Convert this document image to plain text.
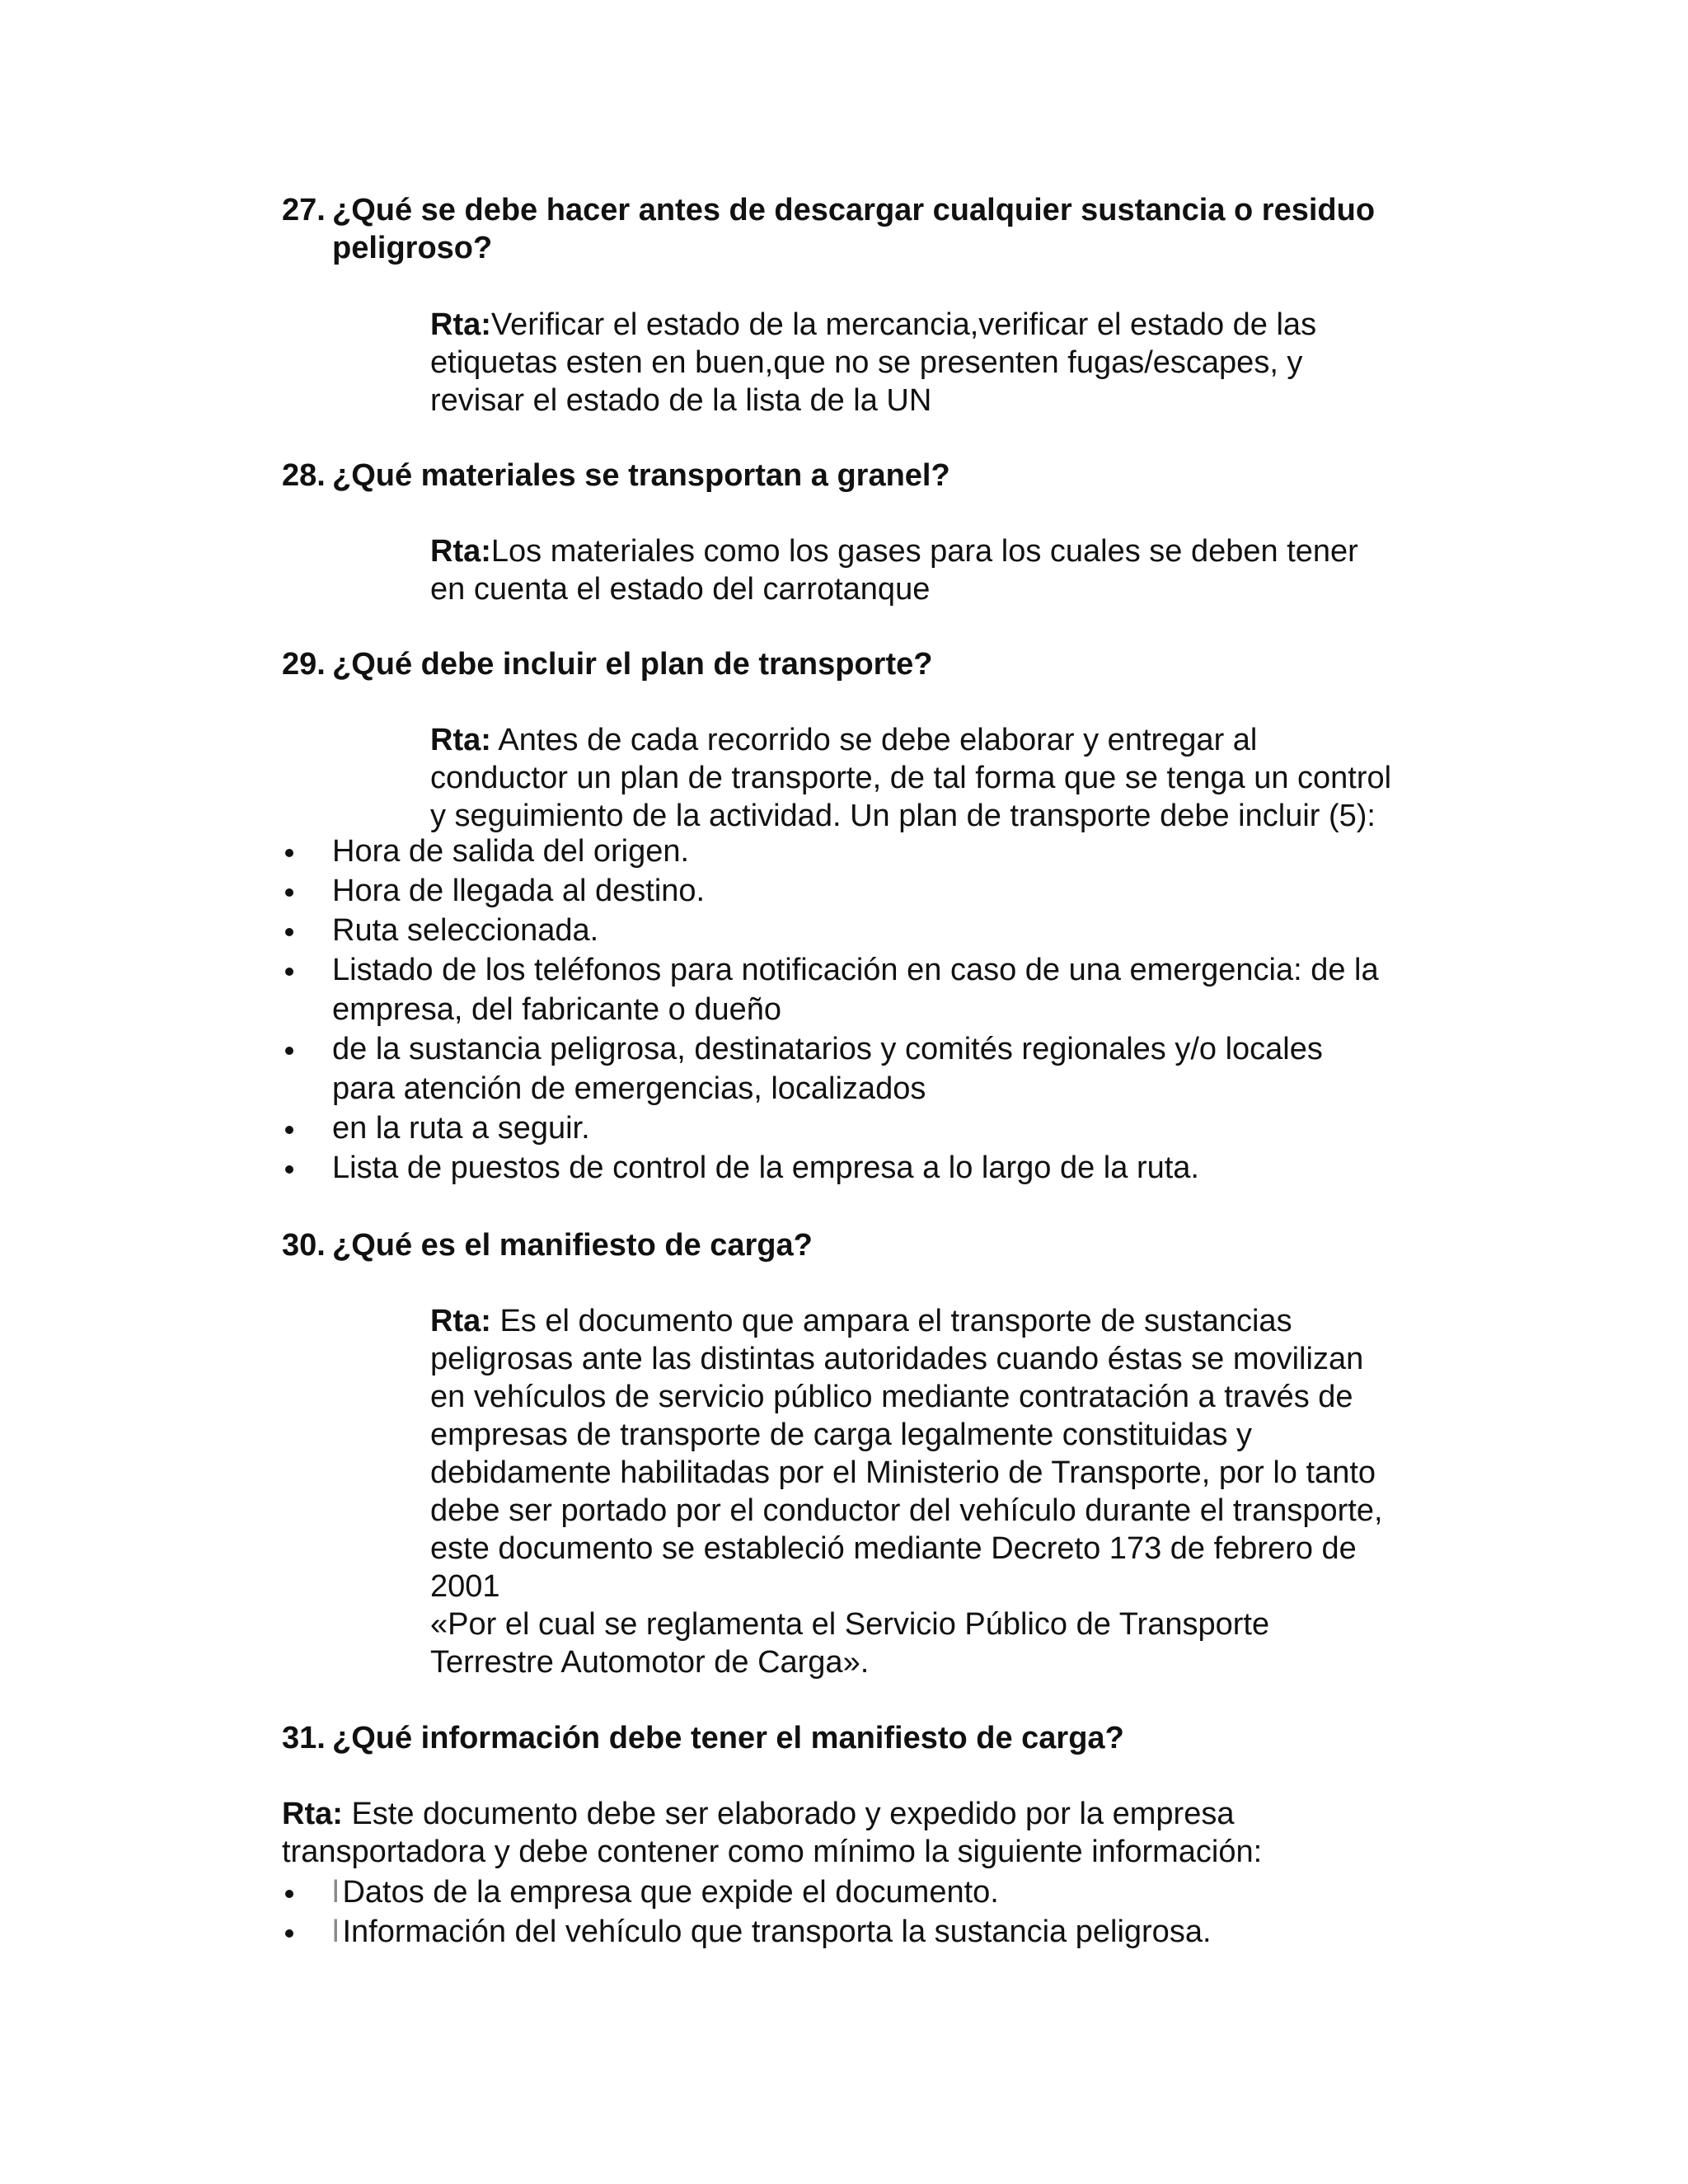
27. ¿Qué se debe hacer antes de descargar cualquier sustancia o residuo
peligroso?

Rta:Verificar el estado de la mercancia,verificar el estado de las
etiquetas esten en buen,que no se presenten fugas/escapes, y
revisar el estado de la lista de la UN

28. ¿Qué materiales se transportan a granel?

Rta:Los materiales como los gases para los cuales se deben tener
en cuenta el estado del carrotanque

29. ¿Qué debe incluir el plan de transporte?

Rta: Antes de cada recorrido se debe elaborar y entregar al
conductor un plan de transporte, de tal forma que se tenga un control
y seguimiento de la actividad. Un plan de transporte debe incluir (5):

Hora de salida del origen.
Hora de llegada al destino.
Ruta seleccionada.
Listado de los teléfonos para notificación en caso de una emergencia: de la
empresa, del fabricante o dueño
de la sustancia peligrosa, destinatarios y comités regionales y/o locales
para atención de emergencias, localizados
en la ruta a seguir.
Lista de puestos de control de la empresa a lo largo de la ruta.
30. ¿Qué es el manifiesto de carga?

Rta: Es el documento que ampara el transporte de sustancias
peligrosas ante las distintas autoridades cuando éstas se movilizan
en vehículos de servicio público mediante contratación a través de
empresas de transporte de carga legalmente constituidas y
debidamente habilitadas por el Ministerio de Transporte, por lo tanto
debe ser portado por el conductor del vehículo durante el transporte,
este documento se estableció mediante Decreto 173 de febrero de
2001
«Por el cual se reglamenta el Servicio Público de Transporte
Terrestre Automotor de Carga».

31. ¿Qué información debe tener el manifiesto de carga?

Rta: Este documento debe ser elaborado y expedido por la empresa
transportadora y debe contener como mínimo la siguiente información:

l Datos de la empresa que expide el documento.
l Información del vehículo que transporta la sustancia peligrosa.
